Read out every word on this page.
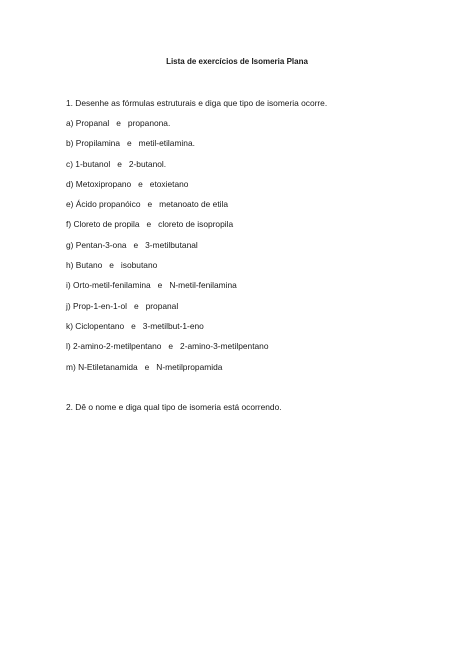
Lista de exercícios de Isomeria Plana
1. Desenhe as fórmulas estruturais e diga que tipo de isomeria ocorre.
a) Propanal   e   propanona.
b) Propilamina   e   metil-etilamina.
c) 1-butanol   e   2-butanol.
d) Metoxipropano   e   etoxietano
e) Ácido propanóico   e   metanoato de etila
f) Cloreto de propila   e   cloreto de isopropila
g) Pentan-3-ona   e   3-metilbutanal
h) Butano   e   isobutano
i) Orto-metil-fenilamina   e   N-metil-fenilamina
j) Prop-1-en-1-ol   e   propanal
k) Ciclopentano   e   3-metilbut-1-eno
l) 2-amino-2-metilpentano   e   2-amino-3-metilpentano
m) N-Etiletanamida   e   N-metilpropamida
2. Dê o nome e diga qual tipo de isomeria está ocorrendo.
